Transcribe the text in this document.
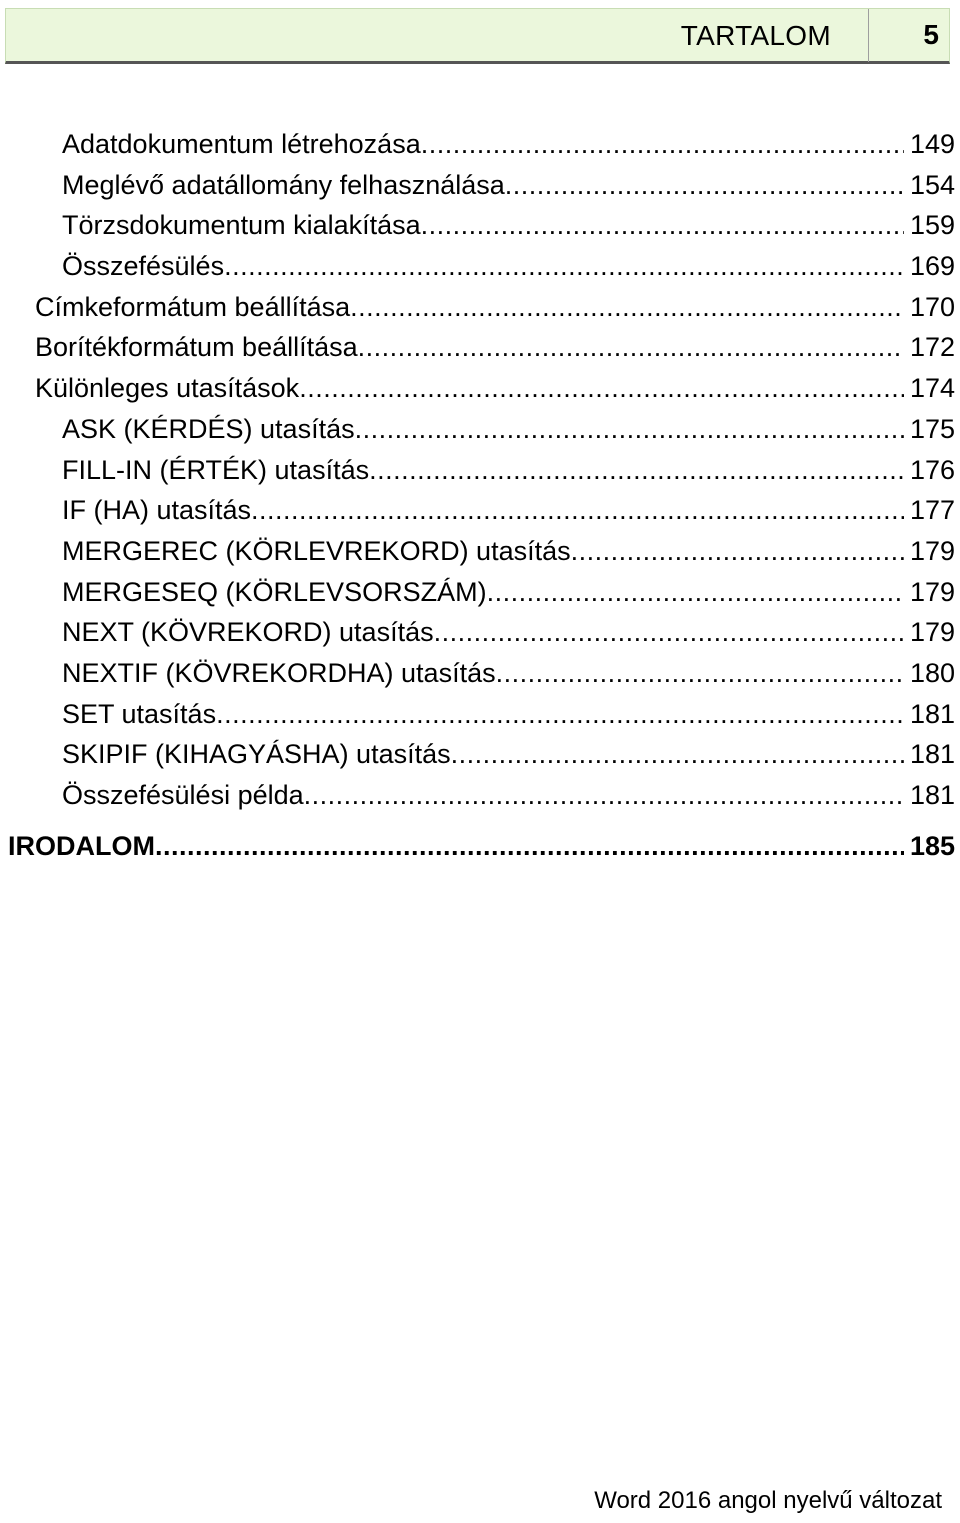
TARTALOM	5
Adatdokumentum létrehozása .....	149
Meglévő adatállomány felhasználása .....	154
Törzsdokumentum kialakítása .....	159
Összefésülés .....	169
Címkeformátum beállítása .....	170
Borítékformátum beállítása .....	172
Különleges utasítások .....	174
ASK (KÉRDÉS) utasítás .....	175
FILL-IN (ÉRTÉK) utasítás .....	176
IF (HA) utasítás .....	177
MERGEREC (KÖRLEVREKORD) utasítás .....	179
MERGESEQ (KÖRLEVSORSZÁM) .....	179
NEXT (KÖVREKORD) utasítás .....	179
NEXTIF (KÖVREKORDHA) utasítás .....	180
SET utasítás .....	181
SKIPIF (KIHAGYÁSHA) utasítás .....	181
Összefésülési példa .....	181
IRODALOM .....	185
Word 2016 angol nyelvű változat
